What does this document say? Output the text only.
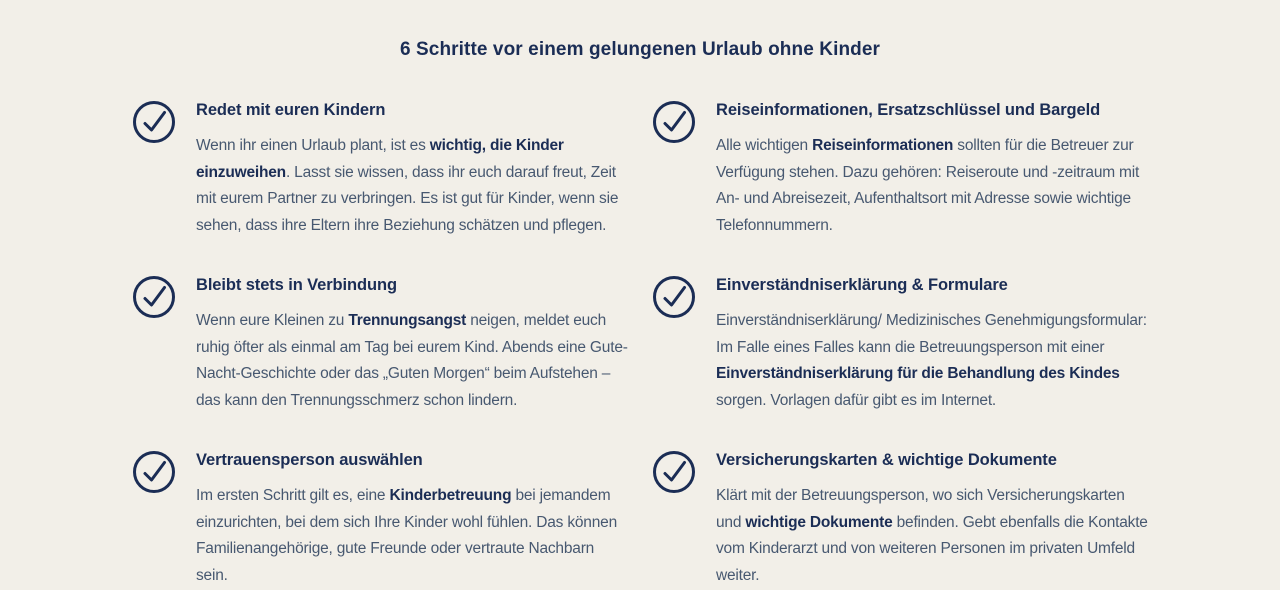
6 Schritte vor einem gelungenen Urlaub ohne Kinder
Redet mit euren Kindern

Wenn ihr einen Urlaub plant, ist es wichtig, die Kinder einzuweihen. Lasst sie wissen, dass ihr euch darauf freut, Zeit mit eurem Partner zu verbringen. Es ist gut für Kinder, wenn sie sehen, dass ihre Eltern ihre Beziehung schätzen und pflegen.

Reiseinformationen, Ersatzschlüssel und Bargeld

Alle wichtigen Reiseinformationen sollten für die Betreuer zur Verfügung stehen. Dazu gehören: Reiseroute und -zeitraum mit An- und Abreisezeit, Aufenthaltsort mit Adresse sowie wichtige Telefonnummern.

Bleibt stets in Verbindung

Wenn eure Kleinen zu Trennungsangst neigen, meldet euch ruhig öfter als einmal am Tag bei eurem Kind. Abends eine Gute-Nacht-Geschichte oder das „Guten Morgen“ beim Aufstehen – das kann den Trennungsschmerz schon lindern.

Einverständniserklärung & Formulare

Einverständniserklärung/ Medizinisches Genehmigungsformular: Im Falle eines Falles kann die Betreuungsperson mit einer Einverständniserklärung für die Behandlung des Kindes sorgen. Vorlagen dafür gibt es im Internet.

Vertrauensperson auswählen

Im ersten Schritt gilt es, eine Kinderbetreuung bei jemandem einzurichten, bei dem sich Ihre Kinder wohl fühlen. Das können Familienangehörige, gute Freunde oder vertraute Nachbarn sein.

Versicherungskarten & wichtige Dokumente

Klärt mit der Betreuungsperson, wo sich Versicherungskarten und wichtige Dokumente befinden. Gebt ebenfalls die Kontakte vom Kinderarzt und von weiteren Personen im privaten Umfeld weiter.
